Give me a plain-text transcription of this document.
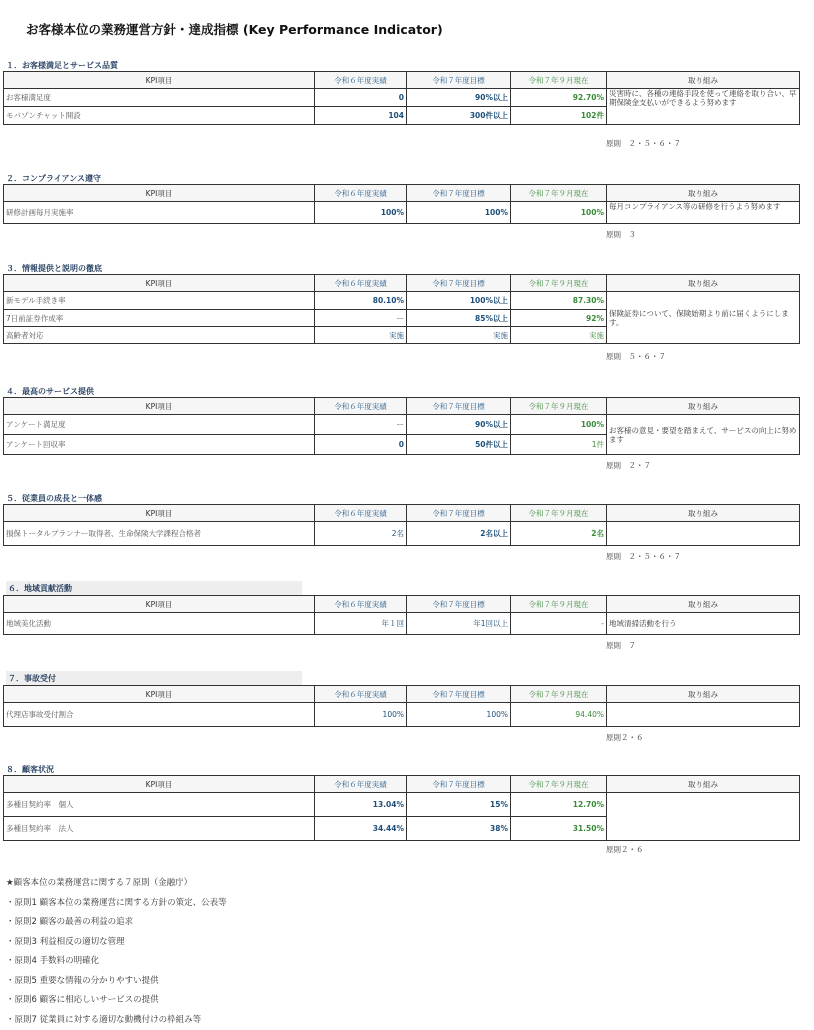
お客様本位の業務運営方針・達成指標 (Key Performance Indicator)
１．お客様満足とサービス品質
KPI項目	令和６年度実績	令和７年度目標	令和７年９月現在	取り組み
お客様満足度	0	90%以上	92.70%	災害時に、各種の連絡手段を使って連絡を取り合い、早期保険金支払いができるよう努めます
モバゾンチャット開設	104	300件以上	102件	
原則　２・５・６・７
２．コンプライアンス遵守
KPI項目	令和６年度実績	令和７年度目標	令和７年９月現在	取り組み
研修計画毎月実施率	100%	100%	100%	毎月コンプライアンス等の研修を行うよう努めます
原則　３
３．情報提供と説明の徹底
KPI項目	令和６年度実績	令和７年度目標	令和７年９月現在	取り組み
新モデル手続き率	80.10%	100%以上	87.30%	保険証券について、保険始期より前に届くようにします。
7日前証券作成率	ー	85%以上	92%	
高齢者対応	実施	実施	実施	
原則　５・６・７
４．最高のサービス提供
KPI項目	令和６年度実績	令和７年度目標	令和７年９月現在	取り組み
アンケート満足度	ー	90%以上	100%	お客様の意見・要望を踏まえて、サービスの向上に努めます
アンケート回収率	0	50件以上	1件	
原則　２・７
５．従業員の成長と一体感
KPI項目	令和６年度実績	令和７年度目標	令和７年９月現在	取り組み
損保トータルプランナー取得者、生命保険大学課程合格者	2名	2名以上	2名	
原則　２・５・６・７
６．地域貢献活動
KPI項目	令和６年度実績	令和７年度目標	令和７年９月現在	取り組み
地域美化活動	年１回	年1回以上	-	地域清掃活動を行う
原則　７
７．事故受付
KPI項目	令和６年度実績	令和７年度目標	令和７年９月現在	取り組み
代理店事故受付割合	100%	100%	94.40%	
原則２・６
８．顧客状況
KPI項目	令和６年度実績	令和７年度目標	令和７年９月現在	取り組み
多種目契約率　個人	13.04%	15%	12.70%	
多種目契約率　法人	34.44%	38%	31.50%	
原則２・６
★顧客本位の業務運営に関する７原則（金融庁）
・原則1 顧客本位の業務運営に関する方針の策定、公表等
・原則2 顧客の最善の利益の追求
・原則3 利益相反の適切な管理
・原則4 手数料の明確化
・原則5 重要な情報の分かりやすい提供
・原則6 顧客に相応しいサービスの提供
・原則7 従業員に対する適切な動機付けの枠組み等
